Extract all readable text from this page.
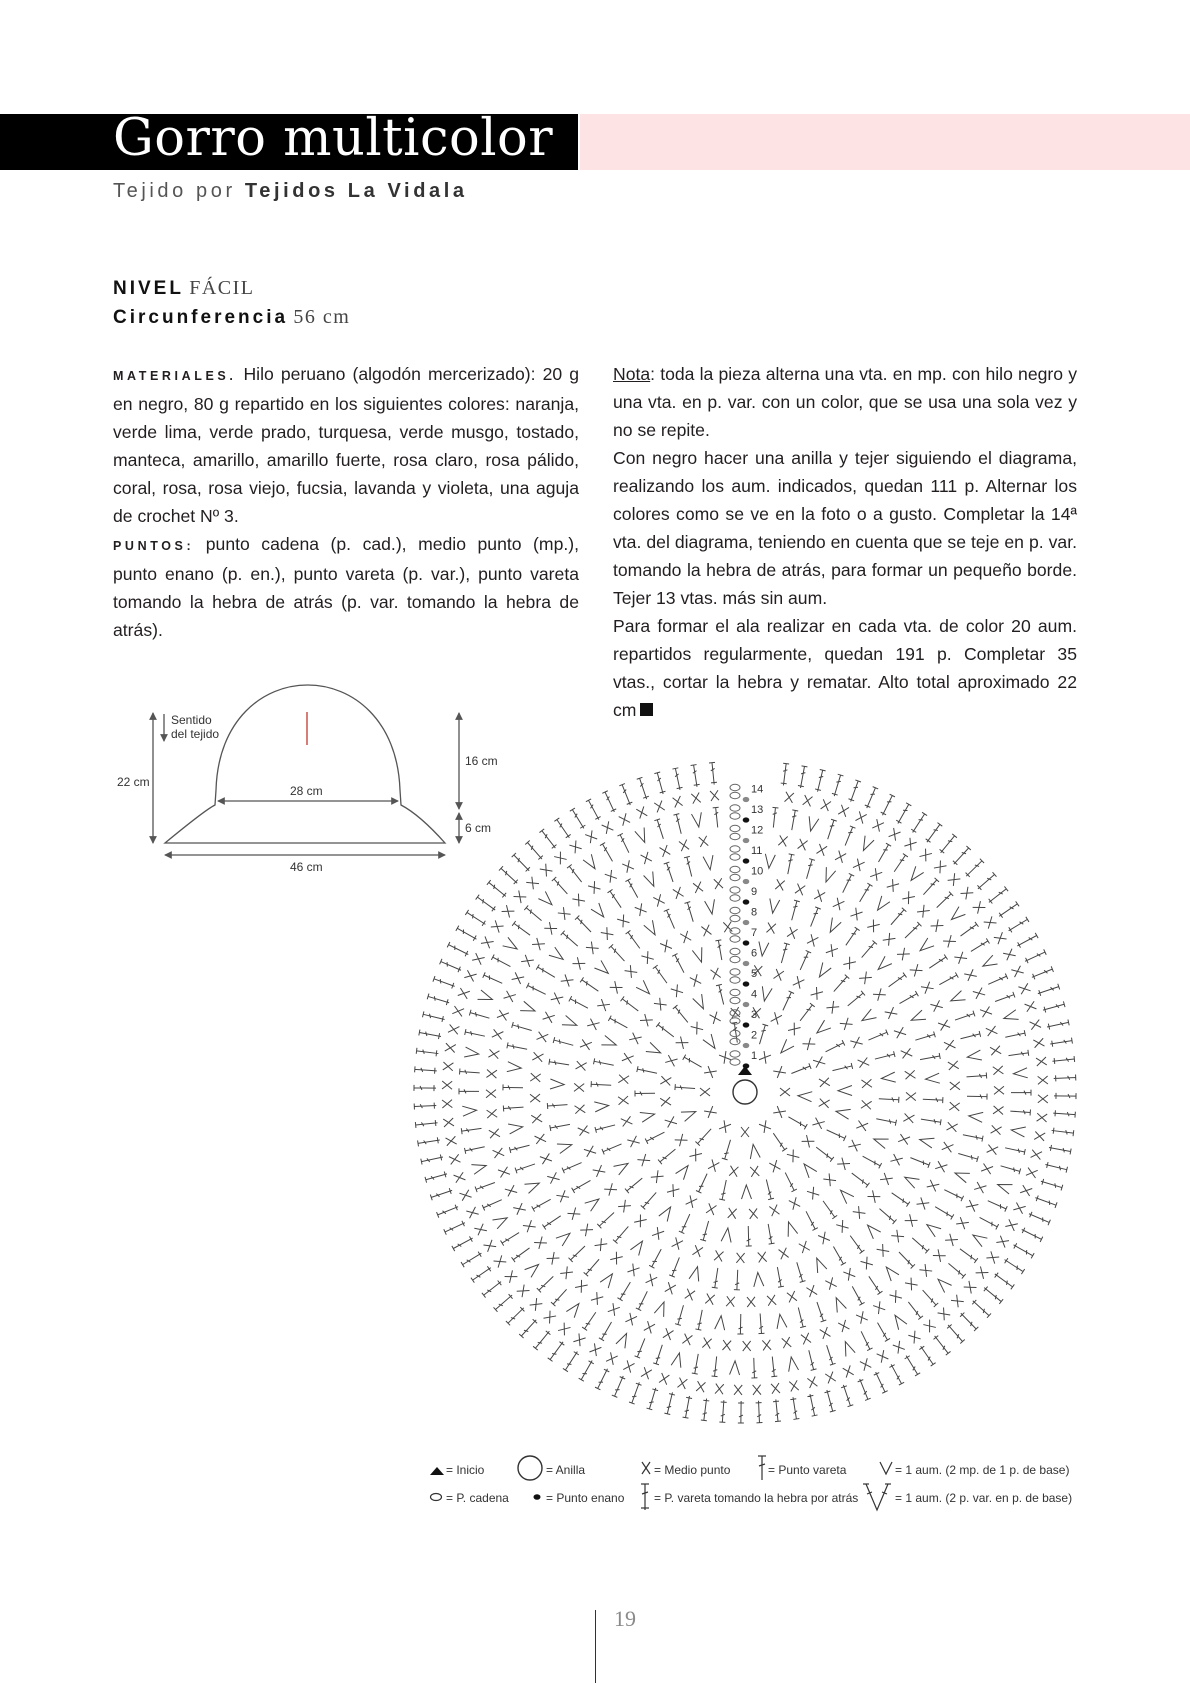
Gorro multicolor
Tejido por Tejidos La Vidala
NIVEL FÁCIL
Circunferencia 56 cm

MATERIALES. Hilo peruano (algodón mercerizado): 20 g en negro, 80 g repartido en los siguientes colores: naranja, verde lima, verde prado, turquesa, verde musgo, tostado, manteca, amarillo, amarillo fuerte, rosa claro, rosa pálido, coral, rosa, rosa viejo, fucsia, lavanda y violeta, una aguja de crochet Nº 3.

PUNTOS: punto cadena (p. cad.), medio punto (mp.), punto enano (p. en.), punto vareta (p. var.), punto vareta tomando la hebra de atrás (p. var. tomando la hebra de atrás).

Nota: toda la pieza alterna una vta. en mp. con hilo negro y una vta. en p. var. con un color, que se usa una sola vez y no se repite.

Con negro hacer una anilla y tejer siguiendo el diagrama, realizando los aum. indicados, quedan 111 p. Alternar los colores como se ve en la foto o a gusto. Completar la 14ª vta. del diagrama, teniendo en cuenta que se teje en p. var. tomando la hebra de atrás, para formar un pequeño borde. Tejer 13 vtas. más sin aum.

Para formar el ala realizar en cada vta. de color 20 aum. repartidos regularmente, quedan 191 p. Completar 35 vtas., cortar la hebra y rematar. Alto total aproximado 22 cm

Sentido
del tejido
22 cm
28 cm
16 cm
6 cm
46 cm
1
2
3
4
5
6
7
8
9
10
11
12
13
14
= Inicio	= Anilla	= Medio punto	= Punto vareta	= 1 aum. (2 mp. de 1 p. de base)
= P. cadena	= Punto enano = P. vareta tomando la hebra por atrás	= 1 aum. (2 p. var. en p. de base)
19
